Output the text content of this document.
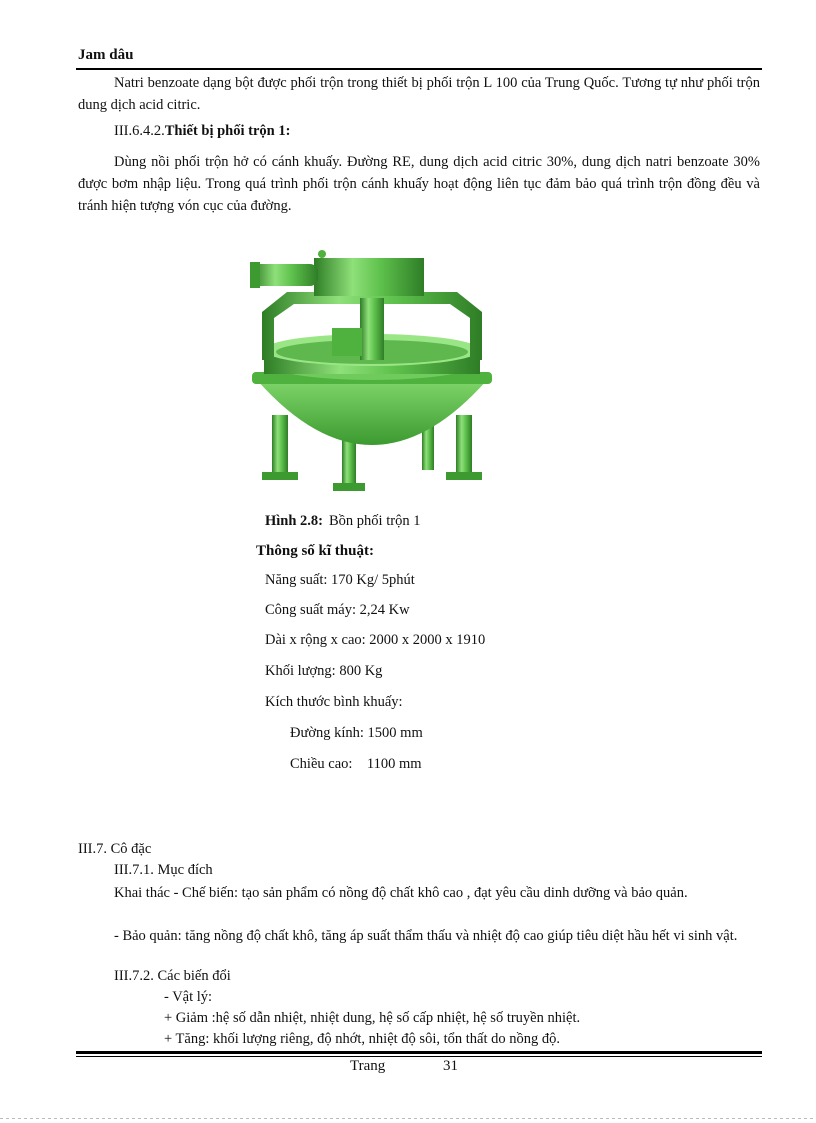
Jam dâu
Natri benzoate dạng bột được phối trộn trong thiết bị phối trộn L 100 của Trung Quốc. Tương tự như phối trộn dung dịch acid citric.
III.6.4.2.Thiết bị phối trộn 1:
Dùng nồi phối trộn hở có cánh khuấy. Đường RE, dung dịch acid citric 30%, dung dịch natri benzoate 30% được bơm nhập liệu. Trong quá trình phối trộn cánh khuấy hoạt động liên tục đảm bảo quá trình trộn đồng đều và tránh hiện tượng vón cục của đường.
Hình 2.8: Bồn phối trộn 1
Thông số kĩ thuật:
Năng suất: 170 Kg/ 5phút
Công suất máy: 2,24 Kw
Dài x rộng x cao: 2000 x 2000 x 1910
Khối lượng: 800 Kg
Kích thước bình khuấy:
Đường kính: 1500 mm
Chiều cao:    1100 mm
III.7. Cô đặc
III.7.1. Mục đích
Khai thác - Chế biến: tạo sản phẩm có nồng độ chất khô cao , đạt yêu cầu dinh dưỡng và bảo quản.
- Bảo quản: tăng nồng độ chất khô, tăng áp suất thẩm thấu và nhiệt độ cao giúp tiêu diệt hầu hết vi sinh vật.
III.7.2. Các biến đổi
- Vật lý:
+ Giảm :hệ số dẫn nhiệt, nhiệt dung, hệ số cấp nhiệt, hệ số truyền nhiệt.
+ Tăng: khối lượng riêng, độ nhớt, nhiệt độ sôi, tổn thất do nồng độ.
Trang	31
